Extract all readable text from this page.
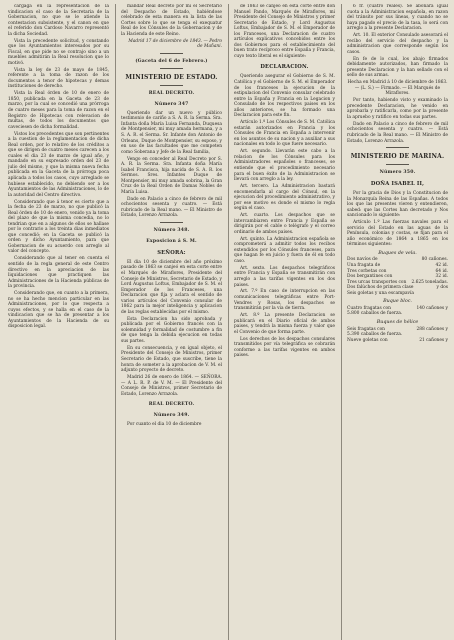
cargaga en la representacion de la vindicacion el caso de la Secretaria de la Gobernacion, no que se le atiende la contestacion subsistente, y el canon en que el referido don Cardoso Navarro representó la dicha Sociedad.

Vista la precedente solicitud, y constando que los Ayuntamientos interesados por su Fiscal, en que pide no se contrajo sino a un muebles admitirán la Real resolucion que lo motivó.

Vista la ley de 23 de mayo de 1845, referente a la toma de razon de los documentos a tenor de hipotecas y demas instituciones de derecho.

Vista la Real órden de 10 de enero de 1850, publicada en la Gaceta de 23 de marzo, por la cual se concedió una prórroga de cuatro meses para la toma de razon en el Registro de Hipotecas con relevacion de multas, de todos los documentos que caveciesen de dicha formalidad.

Vistos los precedentes que son pertinentes a la cuestion de la reglamentacion de dicha Real orden, por lo relativo de los créditos a que se dirigen de cuatro meses carecen a los cuales el dia 23 de marzo de igual año, y mandado en su expresado orden del 23 de julio del mismo, y que la misma nueva fecha publicada en la Gaceta de la prórroga poca aplicada a todos los casos, cuyo arreglado se hubiese establecido, no debiendo ser a los Ayuntamientos de las Administraciones, lo de la autoridad del Centro directivo.

Considerando que á tenor es cierto que a la fecha de 23 de marzo, no que publicó la Real órden de 10 de enero, venido ya la toma del plazo de que la misma concedia, no lo tendrian que en a algunos de ellos se hallase por lo contrario a los treinta dias inmediatos que concedió; en la Gaceta se publicó la orden y dicho Ayuntamiento, para que Gobernacion de su acuerdo con arreglo al valor del concepto.

Considerando que al tener en cuenta el sentido de la regla general de este Centro directivo en la apreciacion de las liquidaciones que practiquen las Administraciones de la Hacienda públicas de la provincia.

Considerando que, en cuanto a la primera, no se ha hecho mencion particular en las Administraciones, por lo que respecta a cuyos efectos, y se halla en el caso de la vindicacion que se ha de presentar a los Ayuntamientos de la Hacienda de su disposicion legal.

mandar Real decreto por mi el Secretario del Despacho de Estado, habiéndose celebrado de esta manera en la lista de las Cortes sobre lo que se tenga el exequatur Real de los Cónsules de la Gobernacion y de la Hacienda de este Reino.

Madrid 17 de diciembre de 1843. — Pedro de Mañani.

(Gaceta del 6 de Febrero.)
MINISTERIO DE ESTADO.
REAL DECRETO.
Número 347

Queriendo dar un nuevo y público testimonio de cariño a S. A. R. la Serma. Sra. Infanta doña María Luisa Fernanda, Duquesa de Montpensier, mi muy amada hermana, y a S. A. R. el Serma. Sr. Infante don Antonio de Orleans, Duque de Montpensier, su esposo, y en uso de las facultades que me competen como Soberana y Jefe de la Real familia,

Vengo en conceder al Real Decreto por S. A. R. la Serma. Sra. Infanta doña María Isabel Francisca, hija nacida de S. A. R. los Sermos. Sres. Infantes Duque de Montpensier, mi muy amada sobrina, la Gran Cruz de la Real Orden de Damas Nobles de María Luisa.

Dado en Palacio a cinco de febrero de mil ochocientos sesenta y cuatro. — Está rubricado de la Real mano. — El Ministro de Estado, Lorenzo Arrazola.

Número 348.
Exposicion á S. M.
SEÑORA:

El dia 10 de diciembre del año próximo pasado de 1863 se canjeó en esta corte entre el Marqués de Miraflores, Presidente del Consejo de Ministros, Secretario de Estado, y Lord Augustus Loftus, Embajador de S. M. el Emperador de los Franceses, una Declaracion que fija y aclara el sentido de varios artículos del Convenio consular de 1862 para la mejor inteligencia y aplicacion de las reglas establecidas por el mismo.

Esta Declaracion ha sido aprobada y publicada por el Gobierno francés con la solemnidad y formalidad de costumbre a fin de que tenga la debida ejecucion en todas sus partes.

En su consecuencia, y en igual objeto, el Presidente del Consejo de Ministros, primer Secretario de Estado, que suscribe, tiene la honra de someter a la aprobacion de V. M. el adjunto proyecto de decreto.

Madrid 26 de enero de 1864. — SEÑORA. — A L. R. P. de V. M. — El Presidente del Consejo de Ministros, primer Secretario de Estado, Lorenzo Arrazola.

REAL DECRETO.
Número 349.

Por cuanto el dia 10 de diciembre

de 1863 se canjeó en esta corte entre don Manuel Pando, Marqués de Miraflores, mi Presidente del Consejo de Ministros y primer Secretario de Estado, y Lord Augustus Loftus, Embajador de S. M. el Emperador de los Franceses, una Declaracion de cuatro artículos explicativos concebidos entre los dos Gobiernos para el establecimiento del buen trato recíproco entre España y Francia, cuyo texto literal es el siguiente:

DECLARACION.

Queriendo asegurar el Gobierno de S. M. Católica y el Gobierno de S. M. el Emperador de los franceses la ejecucion de la estipulacion del Convenio consular celebrado entre la España y Francia en la Legacion y Consulado de los respectivos paises en los años anteriores, se ha formado una Declaracion para este fin.

Artículo 1.º Los Cónsules de S. M. Católica estarán autorizados en Francia y los Cónsules de Francia en España a intervenir en los asuntos de su nacion y a auxiliar a sus nacionales en todo lo que fuere necesario.

Art. segundo. Llevarán este cabo a la relacion de los Cónsules para los Administradores españoles o franceses, se entiende que el procedimiento necesario para el buen éxito de la Administracion se llevará con arreglo a la ley.

Art. tercero. La Administracion bastará encomendarla al cargo del Cónsul, en la ejecucion del procedimiento administrativo, y por ese motivo es donde el mismo lo regla según el caso.

Art. cuarto. Los despachos que se intercambiaren entre Francia y España se dirigirán por el cable o telégrafo y el correo ordinario de ambos paises.

Art. quinto. La Administracion española se comprometerá a admitir todos los recibos extendidos por los Cónsules franceses, para que hagan fe en juicio y fuera de él en todo caso.

Art. sexto. Los despachos telegráficos entre Francia y España se transmitirán con arreglo a las tarifas vigentes en los dos paises.

Art. 7.º En caso de interrupcion en las comunicaciones telegráficas entre Port-Vendres y Rosas, los despachos se transmitirán por la via de tierra.

Art. 8.º La presente Declaracion se publicará en el Diario oficial de ambos paises, y tendrá la misma fuerza y valor que el Convenio de que forma parte.

Los derechos de los despachos consulares transmitidos por vía telegráfica se cobrarán conforme a las tarifas vigentes en ambos paises.

6 fr. (cuatro reales). Se abonará igual cuota a la Administracion española, en razon del tránsito por sus lineas, y cuando no se haya pagado el precio de la tasa, lo será con arreglo a la presente Declaracion.

Art. 10. El exterior Consulado asesorará el recibo del servicio del despacho y la administracion que corresponde según los casos.

En fe de lo cual, los abajo firmados debidamente autorizados, han firmado la presente Declaracion y la han sellado con el sello de sus armas.

Hecha en Madrid á 10 de diciembre de 1863. — (L. S.) — Firmado. — El Marqués de Miraflores.

Por tanto, habiendo visto y examinado la precedente Declaracion, he venido en aprobarla y ratificarla, como por la presente la apruebo y ratifico en todas sus partes.

Dado en Palacio a cinco de febrero de mil ochocientos sesenta y cuatro. — Está rubricado de la Real mano. — El Ministro de Estado, Lorenzo Arrazola.

MINISTERIO DE MARINA.
Número 350.
DOÑA ISABEL II,

Por la gracia de Dios y la Constitucion de la Monarquía Reina de las Españas. A todos los que las presentes vieren y entendieren, sabed: que las Cortes han decretado y Nos sancionado lo siguiente:

Artículo 1.º Las fuerzas navales para el servicio del Estado en las aguas de la Península, colonias y costas, se fijan para el año económico de 1864 a 1865 en los términos siguientes:

Buques de vela.
Dos navíos de	80 cañones.
Una fragata de	42 id.
Tres corbetas con	64 id.
Dos bergantines con	32 id.
Tres urcas transportes con 2.625 toneladas.
Dos falúchos de primera clase	y dos
Seis goletas y una escampavía
Buque bloc.
Cuatro fragatas con	140 cañones y
5.800 caballos de fuerza.
Buques de hélice
Seis fragatas con	288 cañones y
5.390 caballos de fuerza.
Nueve goletas con	21 cañones y
